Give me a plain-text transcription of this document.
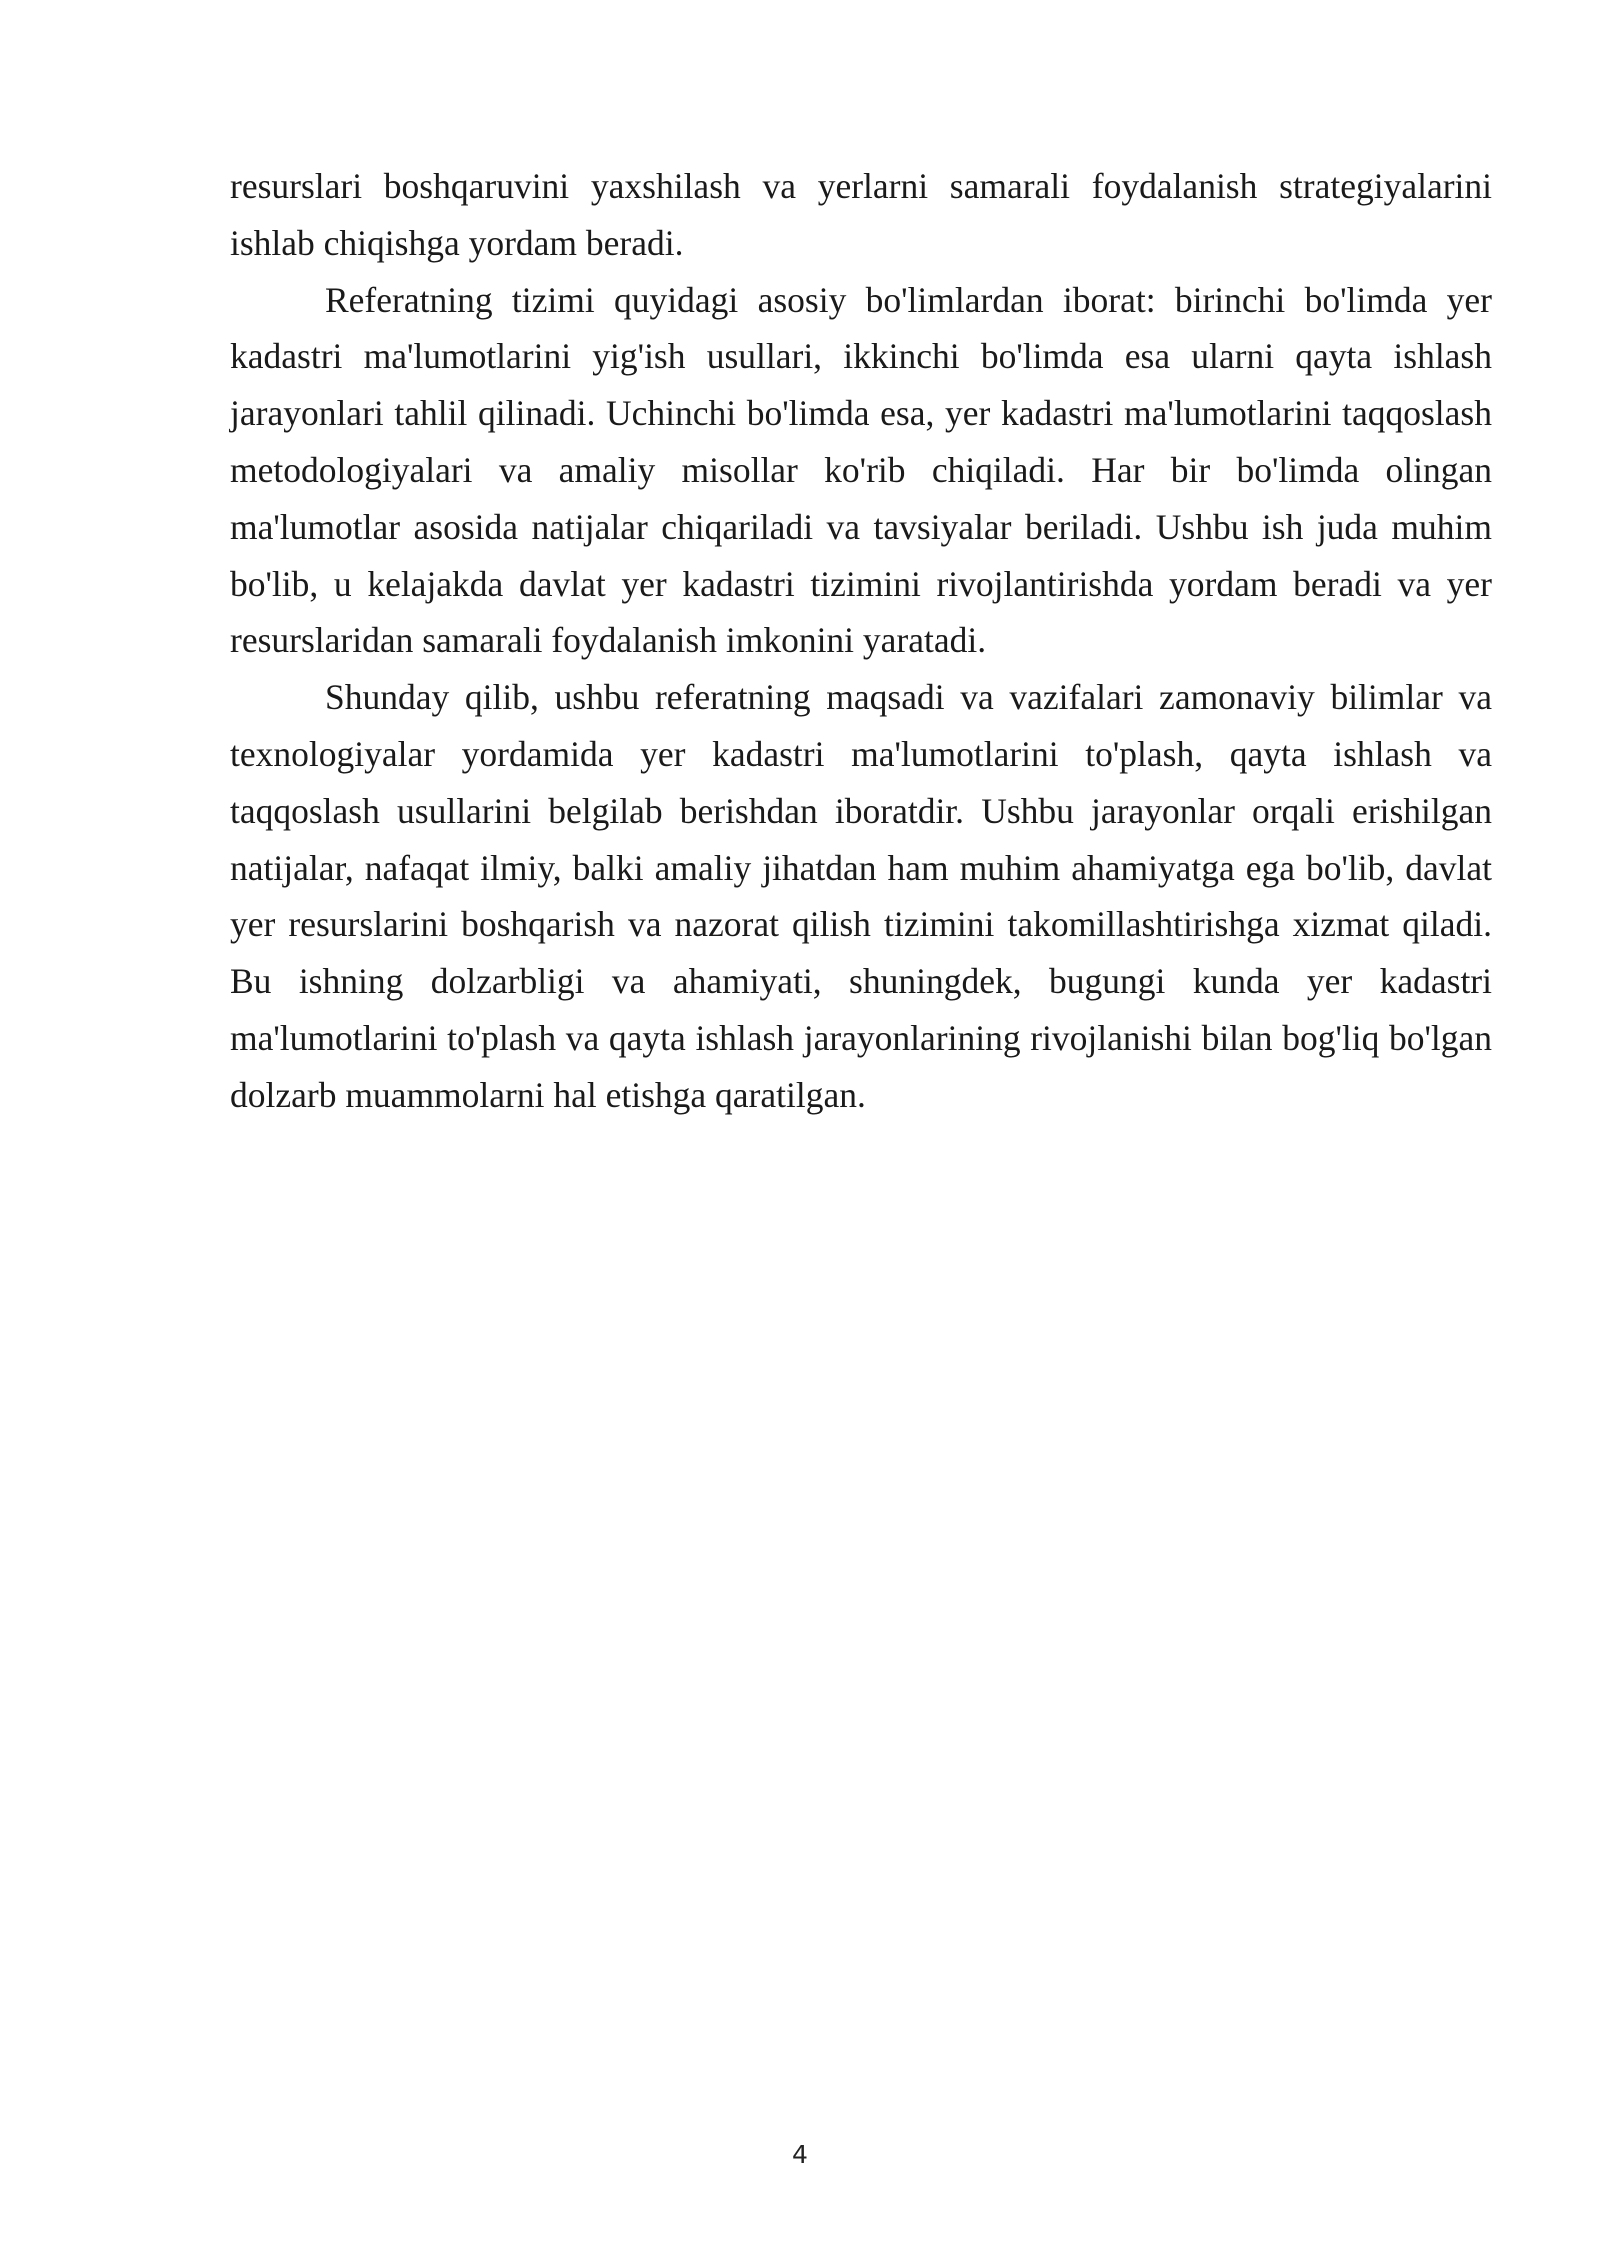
resurslari boshqaruvini yaxshilash va yerlarni samarali foydalanish strategiyalarini ishlab chiqishga yordam beradi.

Referatning tizimi quyidagi asosiy bo'limlardan iborat: birinchi bo'limda yer kadastri ma'lumotlarini yig'ish usullari, ikkinchi bo'limda esa ularni qayta ishlash jarayonlari tahlil qilinadi. Uchinchi bo'limda esa, yer kadastri ma'lumotlarini taqqoslash metodologiyalari va amaliy misollar ko'rib chiqiladi. Har bir bo'limda olingan ma'lumotlar asosida natijalar chiqariladi va tavsiyalar beriladi. Ushbu ish juda muhim bo'lib, u kelajakda davlat yer kadastri tizimini rivojlantirishda yordam beradi va yer resurslaridan samarali foydalanish imkonini yaratadi.

Shunday qilib, ushbu referatning maqsadi va vazifalari zamonaviy bilimlar va texnologiyalar yordamida yer kadastri ma'lumotlarini to'plash, qayta ishlash va taqqoslash usullarini belgilab berishdan iboratdir. Ushbu jarayonlar orqali erishilgan natijalar, nafaqat ilmiy, balki amaliy jihatdan ham muhim ahamiyatga ega bo'lib, davlat yer resurslarini boshqarish va nazorat qilish tizimini takomillashtirishga xizmat qiladi. Bu ishning dolzarbligi va ahamiyati, shuningdek, bugungi kunda yer kadastri ma'lumotlarini to'plash va qayta ishlash jarayonlarining rivojlanishi bilan bog'liq bo'lgan dolzarb muammolarni hal etishga qaratilgan.

4
